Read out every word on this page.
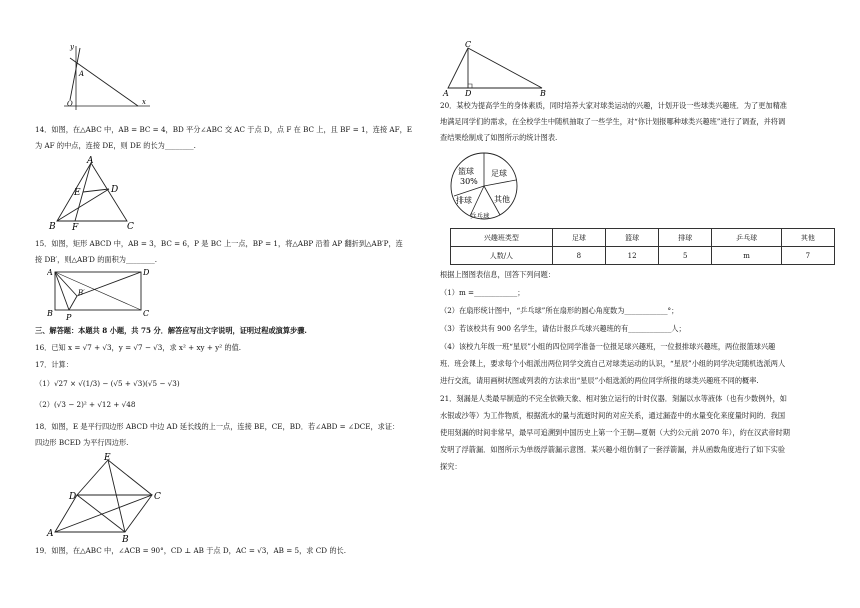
y
A
O	x
14．如图，在△ABC 中，AB = BC = 4，BD 平分∠ABC 交 AC 于点 D，点 F 在 BC 上，且 BF = 1，连接 AF，E
为 AF 的中点，连接 DE，则 DE 的长为________.
A
B	C
D
E
F
15．如图，矩形 ABCD 中，AB = 3，BC = 6，P 是 BC 上一点，BP = 1，将△ABP 沿着 AP 翻折到△AB′P，连
接 DB′，则△AB′D 的面积为________.
A	D
B	C
P
B′
三、解答题：本题共 8 小题，共 75 分．解答应写出文字说明，证明过程或演算步骤.
16．已知 x = √7 + √3，y = √7 − √3，求 x² + xy + y² 的值.
17．计算：
（1）√27 × √(1/3) − (√5 + √3)(√5 − √3)
（2）(√3 − 2)² + √12 + √48
18．如图，E 是平行四边形 ABCD 中边 AD 延长线的上一点，连接 BE，CE，BD．若∠ABD = ∠DCE，求证：
四边形 BCED 为平行四边形.
E
D	C
A
B
19．如图，在△ABC 中，∠ACB = 90°，CD ⊥ AB 于点 D，AC = √3，AB = 5，求 CD 的长.
C
A D	B
20．某校为提高学生的身体素质，同时培养大家对球类运动的兴趣，计划开设一些球类兴趣班．为了更加精准
地满足同学们的需求，在全校学生中随机抽取了一些学生，对“你计划报哪种球类兴趣班”进行了调查，并将调
查结果绘制成了如图所示的统计图表.
篮球
30%
足球
排球	其他
乒乓球
兴趣班类型	足球	篮球	排球	乒乓球	其他
人数/人	8	12	5	m	7
根据上图图表信息，回答下列问题：
（1）m =____________；
（2）在扇形统计图中，“乒乓球”所在扇形的圆心角度数为____________°；
（3）若该校共有 900 名学生，请估计报乒乓球兴趣班的有____________人；
（4）该校九年级一班“星辰”小组的四位同学准备一位报足球兴趣班，一位报排球兴趣班，两位报篮球兴趣
班．班会课上，要求每个小组派出两位同学交流自己对球类运动的认识，“星辰”小组的同学决定随机选派两人
进行交流，请用画树状图或列表的方法求出“星辰”小组选派的两位同学所报的球类兴趣班不同的概率.
21．刻漏是人类最早制造的不完全依赖天象、相对独立运行的计时仪器．刻漏以水等液体（也有少数例外，如
水银或沙等）为工作物质，根据流水的量与流逝时间的对应关系，通过漏壶中的水量变化来度量时间的．我国
使用刻漏的时间非常早，最早可追溯到中国历史上第一个王朝—夏朝（大约公元前 2070 年），約在汉武帝时期
发明了浮箭漏．如图所示为单级浮箭漏示意图．某兴趣小组仿制了一套浮箭漏，并从函数角度进行了如下实验
探究：
